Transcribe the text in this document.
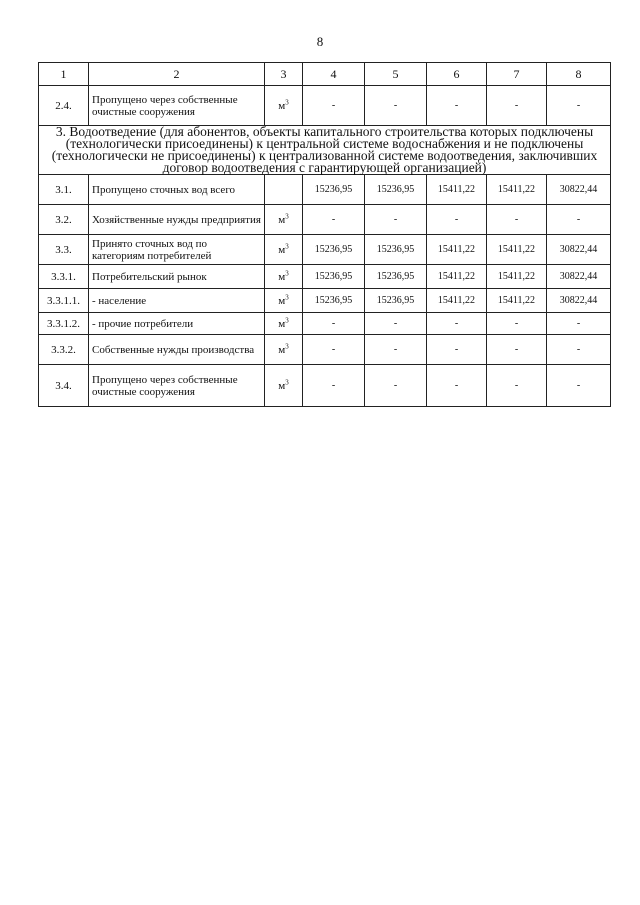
8
1	2	3	4	5	6	7	8
2.4.	Пропущено через собственные очистные сооружения	$м^3$	-	-	-	-	-
3. Водоотведение (для абонентов, объекты капитального строительства которых подключены (технологически присоединены) к центральной системе водоснабжения и не подключены (технологически не присоединены) к централизованной системе водоотведения, заключивших договор водоотведения с гарантирующей организацией)							
3.1.	Пропущено сточных вод всего		15236,95	15236,95	15411,22	15411,22	30822,44
3.2.	Хозяйственные нужды предприятия	$м^3$	-	-	-	-	-
3.3.	Принято сточных вод по категориям потребителей	$м^3$	15236,95	15236,95	15411,22	15411,22	30822,44
3.3.1.	Потребительский рынок	$м^3$	15236,95	15236,95	15411,22	15411,22	30822,44
3.3.1.1.	- население	$м^3$	15236,95	15236,95	15411,22	15411,22	30822,44
3.3.1.2.	- прочие потребители	$м^3$	-	-	-	-	-
3.3.2.	Собственные нужды производства	$м^3$	-	-	-	-	-
3.4.	Пропущено через собственные очистные сооружения	$м^3$	-	-	-	-	-
